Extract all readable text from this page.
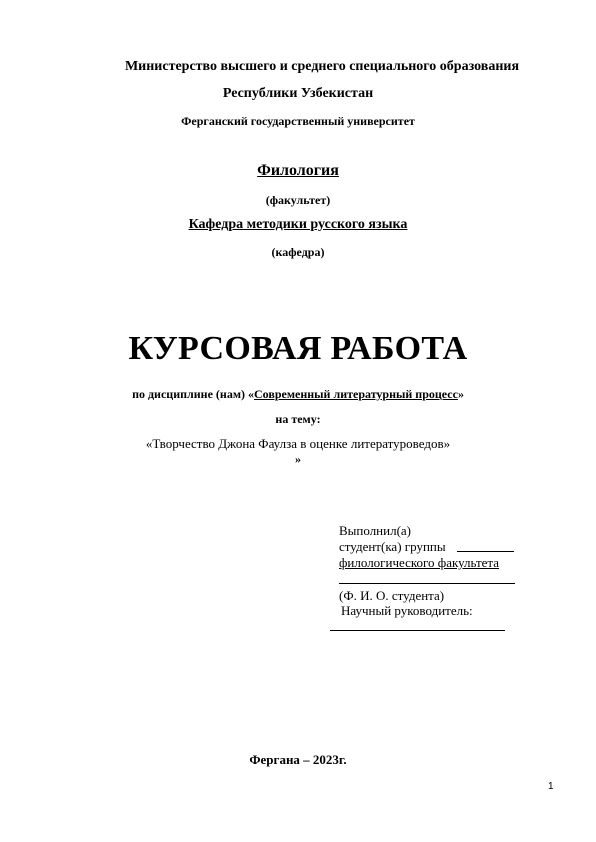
Министерство высшего и среднего специального образования
Республики Узбекистан
Ферганский государственный университет
Филология
(факультет)
Кафедра методики русского языка
(кафедра)
КУРСОВАЯ РАБОТА
по дисциплине (нам) «Современный литературный процесс»
на тему:
«Творчество Джона Фаулза в оценке литературоведов»
»
Выполнил(а)
студент(ка) группы
филологического факультета
(Ф. И. О. студента)
Научный руководитель:
Фергана – 2023г.
1
